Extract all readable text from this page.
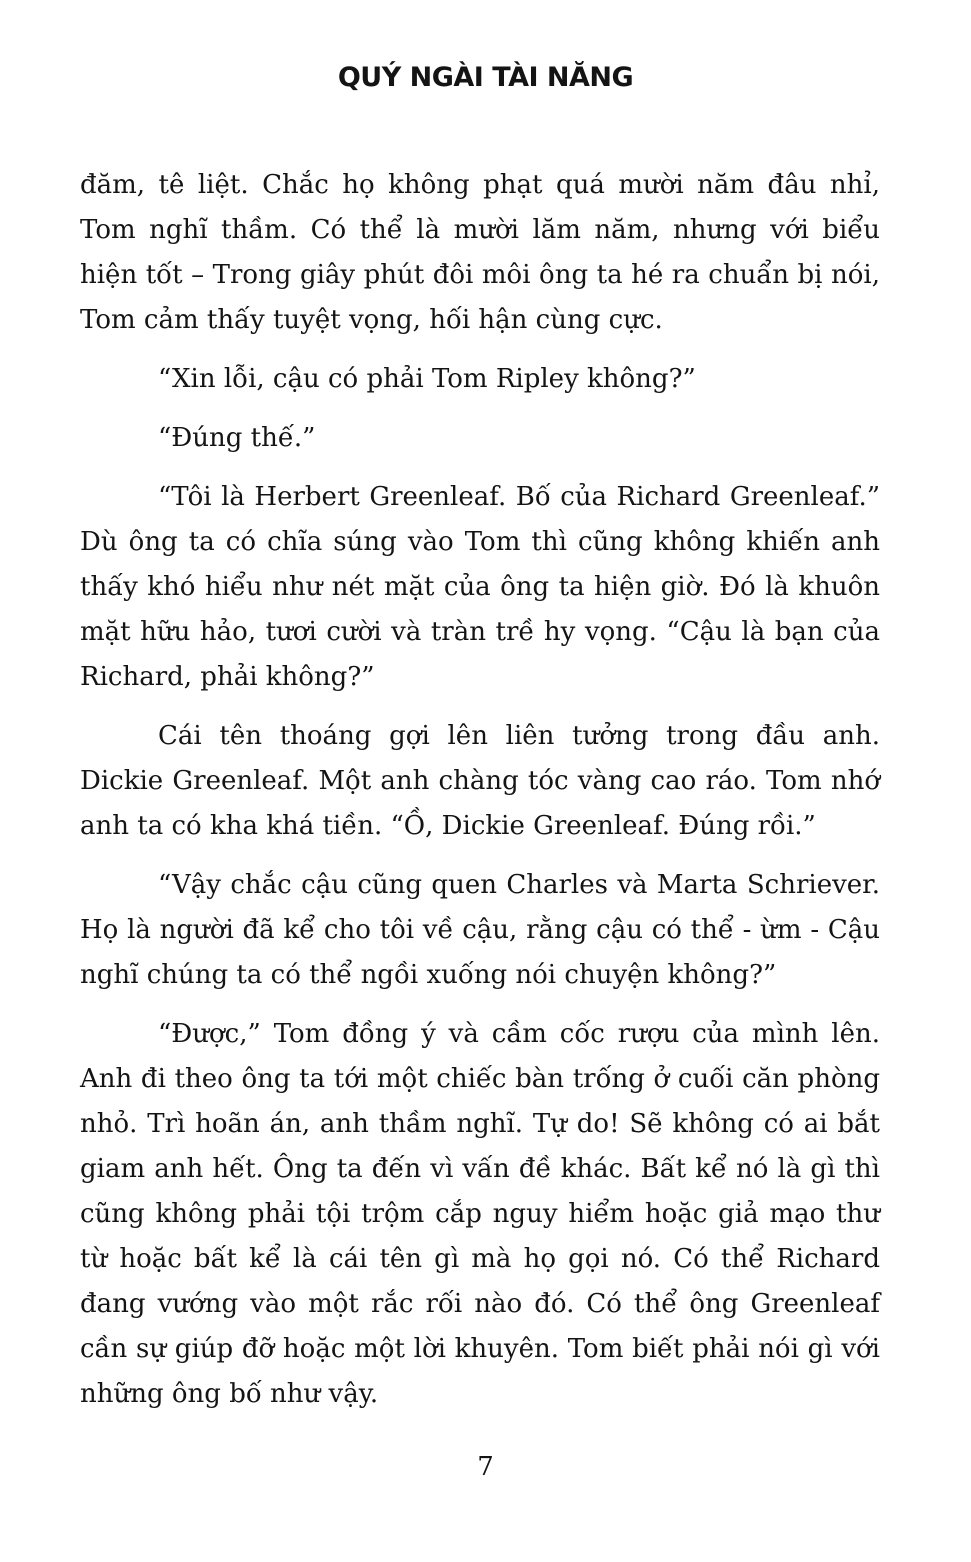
QUÝ NGÀI TÀI NĂNG

đăm, tê liệt. Chắc họ không phạt quá mười năm đâu nhỉ, Tom nghĩ thầm. Có thể là mười lăm năm, nhưng với biểu hiện tốt – Trong giây phút đôi môi ông ta hé ra chuẩn bị nói, Tom cảm thấy tuyệt vọng, hối hận cùng cực.

“Xin lỗi, cậu có phải Tom Ripley không?”

“Đúng thế.”

“Tôi là Herbert Greenleaf. Bố của Richard Greenleaf.” Dù ông ta có chĩa súng vào Tom thì cũng không khiến anh thấy khó hiểu như nét mặt của ông ta hiện giờ. Đó là khuôn mặt hữu hảo, tươi cười và tràn trề hy vọng. “Cậu là bạn của Richard, phải không?”

Cái tên thoáng gợi lên liên tưởng trong đầu anh. Dickie Greenleaf. Một anh chàng tóc vàng cao ráo. Tom nhớ anh ta có kha khá tiền. “Ồ, Dickie Greenleaf. Đúng rồi.”

“Vậy chắc cậu cũng quen Charles và Marta Schriever. Họ là người đã kể cho tôi về cậu, rằng cậu có thể - ừm - Cậu nghĩ chúng ta có thể ngồi xuống nói chuyện không?”

“Được,” Tom đồng ý và cầm cốc rượu của mình lên. Anh đi theo ông ta tới một chiếc bàn trống ở cuối căn phòng nhỏ. Trì hoãn án, anh thầm nghĩ. Tự do! Sẽ không có ai bắt giam anh hết. Ông ta đến vì vấn đề khác. Bất kể nó là gì thì cũng không phải tội trộm cắp nguy hiểm hoặc giả mạo thư từ hoặc bất kể là cái tên gì mà họ gọi nó. Có thể Richard đang vướng vào một rắc rối nào đó. Có thể ông Greenleaf cần sự giúp đỡ hoặc một lời khuyên. Tom biết phải nói gì với những ông bố như vậy.

7
